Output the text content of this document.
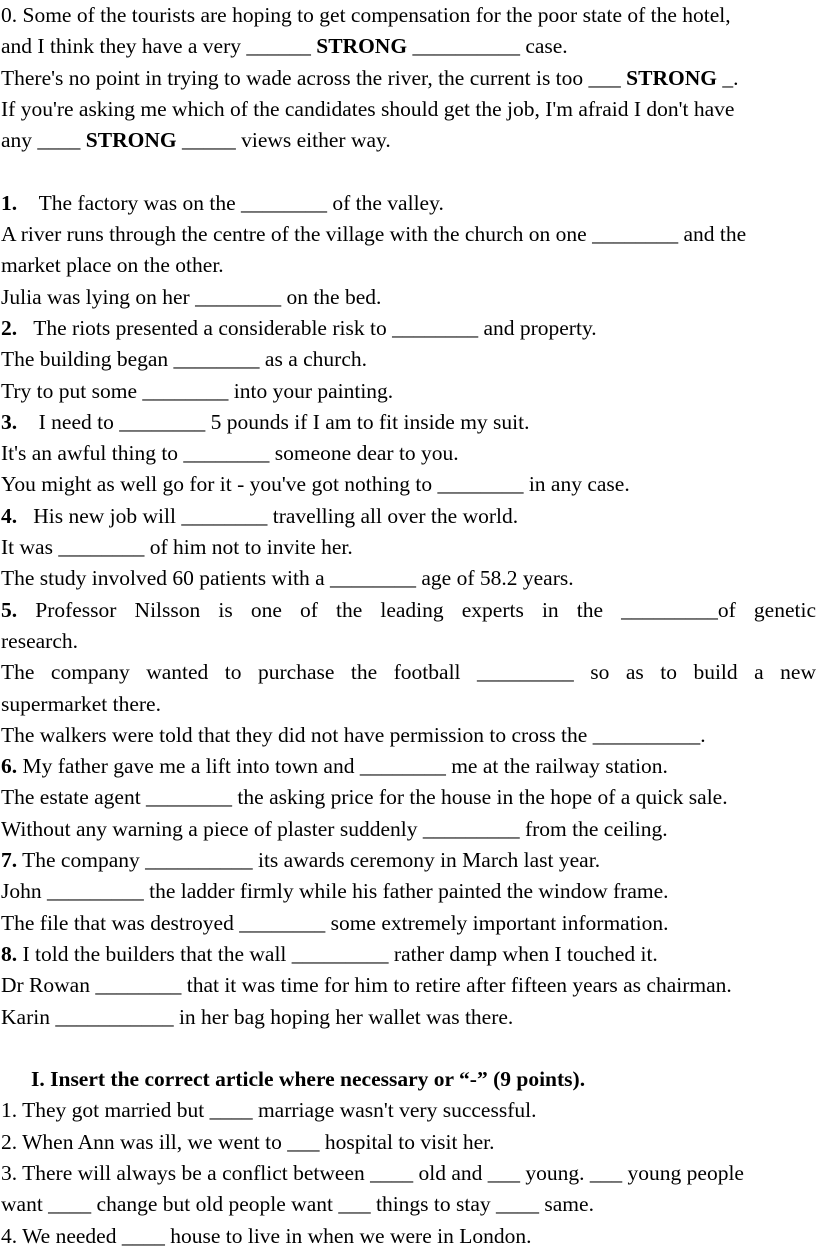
0. Some of the tourists are hoping to get compensation for the poor state of the hotel,
and I think they have a very ______ STRONG __________ case.
There's no point in trying to wade across the river, the current is too ___ STRONG _.
If you're asking me which of the candidates should get the job, I'm afraid I don't have
any ____ STRONG _____ views either way.
1. The factory was on the ________ of the valley.
A river runs through the centre of the village with the church on one ________ and the
market place on the other.
Julia was lying on her ________ on the bed.
2. The riots presented a considerable risk to ________ and property.
The building began ________ as a church.
Try to put some ________ into your painting.
3. I need to ________ 5 pounds if I am to fit inside my suit.
It's an awful thing to ________ someone dear to you.
You might as well go for it - you've got nothing to ________ in any case.
4. His new job will ________ travelling all over the world.
It was ________ of him not to invite her.
The study involved 60 patients with a ________ age of 58.2 years.
5. Professor Nilsson is one of the leading experts in the _________of genetic
research.
The company wanted to purchase the football _________ so as to build a new
supermarket there.
The walkers were told that they did not have permission to cross the __________.
6. My father gave me a lift into town and ________ me at the railway station.
The estate agent ________ the asking price for the house in the hope of a quick sale.
Without any warning a piece of plaster suddenly _________ from the ceiling.
7. The company __________ its awards ceremony in March last year.
John _________ the ladder firmly while his father painted the window frame.
The file that was destroyed ________ some extremely important information.
8. I told the builders that the wall _________ rather damp when I touched it.
Dr Rowan ________ that it was time for him to retire after fifteen years as chairman.
Karin ___________ in her bag hoping her wallet was there.
I. Insert the correct article where necessary or “-” (9 points).
1. They got married but ____ marriage wasn't very successful.
2. When Ann was ill, we went to ___ hospital to visit her.
3. There will always be a conflict between ____ old and ___ young. ___ young people
want ____ change but old people want ___ things to stay ____ same.
4. We needed ____ house to live in when we were in London.
